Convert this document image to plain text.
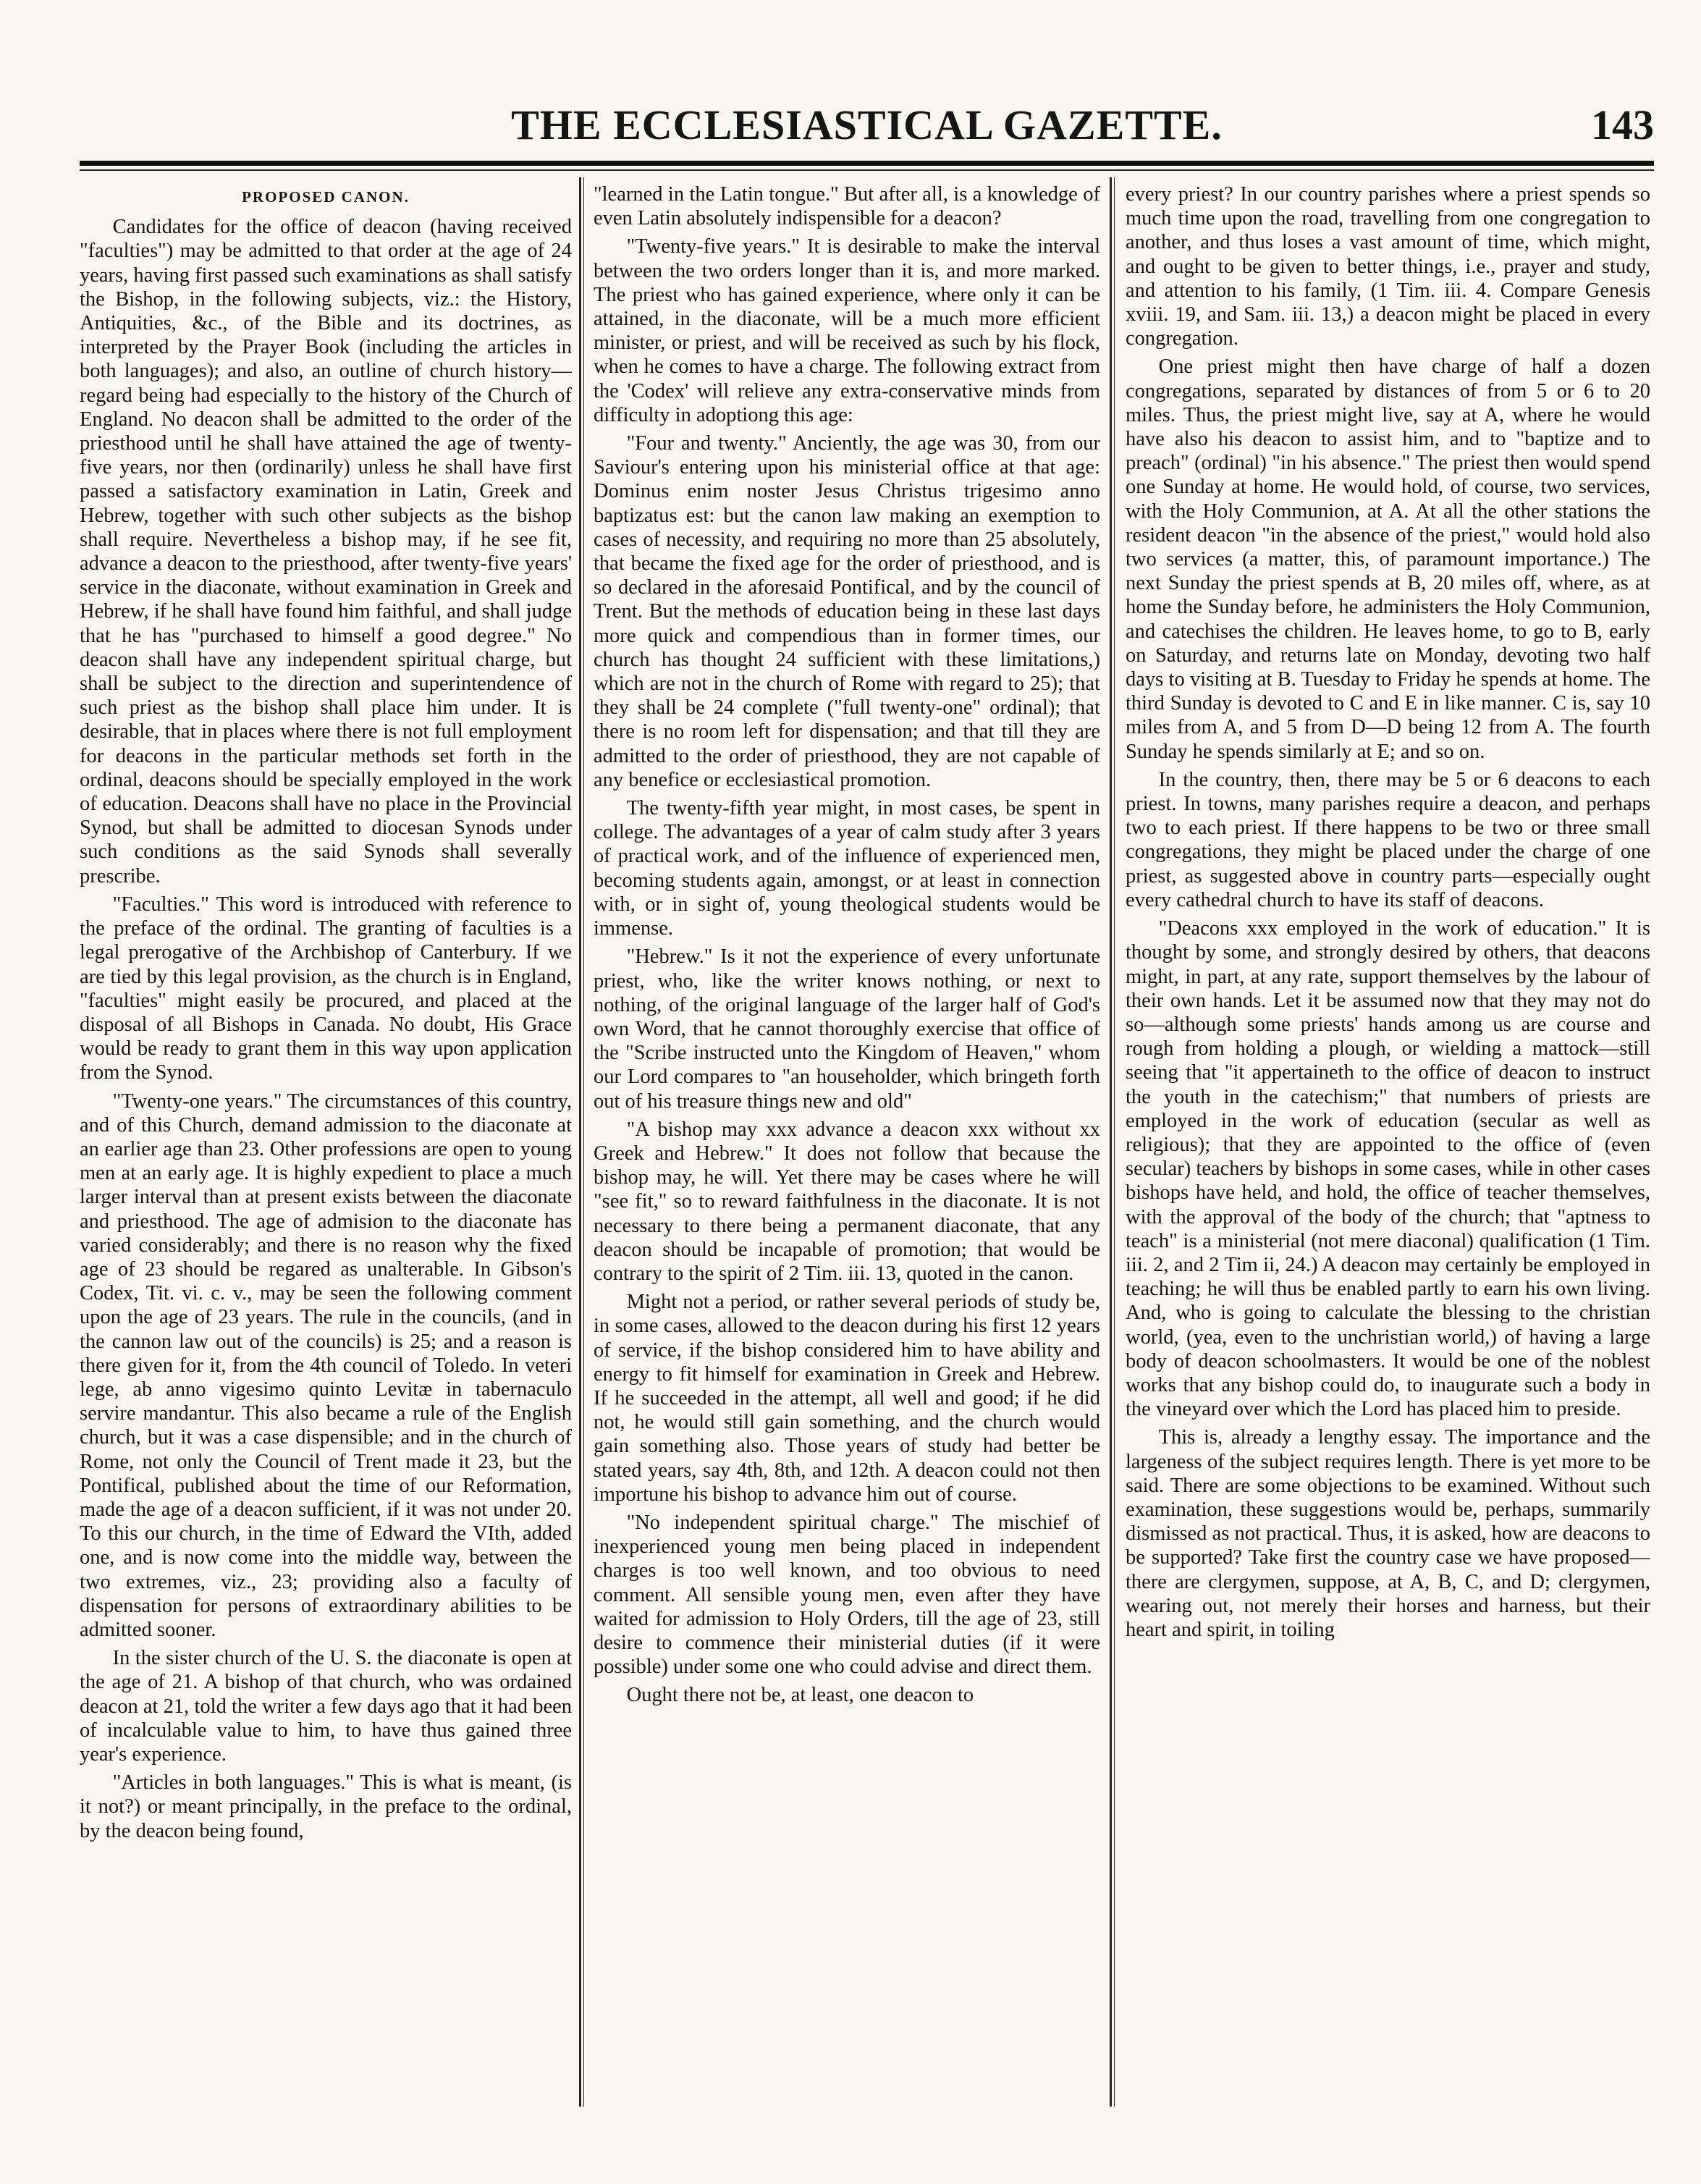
THE ECCLESIASTICAL GAZETTE.	143
PROPOSED CANON.

Candidates for the office of deacon (having received "faculties") may be admitted to that order at the age of 24 years, having first passed such examinations as shall satisfy the Bishop, in the following subjects, viz.: the History, Antiquities, &c., of the Bible and its doctrines, as interpreted by the Prayer Book (including the articles in both languages); and also, an outline of church history—regard being had especially to the history of the Church of England. No deacon shall be admitted to the order of the priesthood until he shall have attained the age of twenty-five years, nor then (ordinarily) unless he shall have first passed a satisfactory examination in Latin, Greek and Hebrew, together with such other subjects as the bishop shall require. Nevertheless a bishop may, if he see fit, advance a deacon to the priesthood, after twenty-five years' service in the diaconate, without examination in Greek and Hebrew, if he shall have found him faithful, and shall judge that he has "purchased to himself a good degree." No deacon shall have any independent spiritual charge, but shall be subject to the direction and superintendence of such priest as the bishop shall place him under. It is desirable, that in places where there is not full employment for deacons in the particular methods set forth in the ordinal, deacons should be specially employed in the work of education. Deacons shall have no place in the Provincial Synod, but shall be admitted to diocesan Synods under such conditions as the said Synods shall severally prescribe.

"Faculties." This word is introduced with reference to the preface of the ordinal. The granting of faculties is a legal prerogative of the Archbishop of Canterbury. If we are tied by this legal provision, as the church is in England, "faculties" might easily be procured, and placed at the disposal of all Bishops in Canada. No doubt, His Grace would be ready to grant them in this way upon application from the Synod.

"Twenty-one years." The circumstances of this country, and of this Church, demand admission to the diaconate at an earlier age than 23. Other professions are open to young men at an early age. It is highly expedient to place a much larger interval than at present exists between the diaconate and priesthood. The age of admision to the diaconate has varied considerably; and there is no reason why the fixed age of 23 should be regared as unalterable. In Gibson's Codex, Tit. vi. c. v., may be seen the following comment upon the age of 23 years. The rule in the councils, (and in the cannon law out of the councils) is 25; and a reason is there given for it, from the 4th council of Toledo. In veteri lege, ab anno vigesimo quinto Levitæ in tabernaculo servire mandantur. This also became a rule of the English church, but it was a case dispensible; and in the church of Rome, not only the Council of Trent made it 23, but the Pontifical, published about the time of our Reformation, made the age of a deacon sufficient, if it was not under 20. To this our church, in the time of Edward the VIth, added one, and is now come into the middle way, between the two extremes, viz., 23; providing also a faculty of dispensation for persons of extraordinary abilities to be admitted sooner.

In the sister church of the U. S. the diaconate is open at the age of 21. A bishop of that church, who was ordained deacon at 21, told the writer a few days ago that it had been of incalculable value to him, to have thus gained three year's experience.

"Articles in both languages." This is what is meant, (is it not?) or meant principally, in the preface to the ordinal, by the deacon being found,

"learned in the Latin tongue." But after all, is a knowledge of even Latin absolutely indispensible for a deacon?

"Twenty-five years." It is desirable to make the interval between the two orders longer than it is, and more marked. The priest who has gained experience, where only it can be attained, in the diaconate, will be a much more efficient minister, or priest, and will be received as such by his flock, when he comes to have a charge. The following extract from the 'Codex' will relieve any extra-conservative minds from difficulty in adoptiong this age:

"Four and twenty." Anciently, the age was 30, from our Saviour's entering upon his ministerial office at that age: Dominus enim noster Jesus Christus trigesimo anno baptizatus est: but the canon law making an exemption to cases of necessity, and requiring no more than 25 absolutely, that became the fixed age for the order of priesthood, and is so declared in the aforesaid Pontifical, and by the council of Trent. But the methods of education being in these last days more quick and compendious than in former times, our church has thought 24 sufficient with these limitations,) which are not in the church of Rome with regard to 25); that they shall be 24 complete ("full twenty-one" ordinal); that there is no room left for dispensation; and that till they are admitted to the order of priesthood, they are not capable of any benefice or ecclesiastical promotion.

The twenty-fifth year might, in most cases, be spent in college. The advantages of a year of calm study after 3 years of practical work, and of the influence of experienced men, becoming students again, amongst, or at least in connection with, or in sight of, young theological students would be immense.

"Hebrew." Is it not the experience of every unfortunate priest, who, like the writer knows nothing, or next to nothing, of the original language of the larger half of God's own Word, that he cannot thoroughly exercise that office of the "Scribe instructed unto the Kingdom of Heaven," whom our Lord compares to "an householder, which bringeth forth out of his treasure things new and old"

"A bishop may xxx advance a deacon xxx without xx Greek and Hebrew." It does not follow that because the bishop may, he will. Yet there may be cases where he will "see fit," so to reward faithfulness in the diaconate. It is not necessary to there being a permanent diaconate, that any deacon should be incapable of promotion; that would be contrary to the spirit of 2 Tim. iii. 13, quoted in the canon.

Might not a period, or rather several periods of study be, in some cases, allowed to the deacon during his first 12 years of service, if the bishop considered him to have ability and energy to fit himself for examination in Greek and Hebrew. If he succeeded in the attempt, all well and good; if he did not, he would still gain something, and the church would gain something also. Those years of study had better be stated years, say 4th, 8th, and 12th. A deacon could not then importune his bishop to advance him out of course.

"No independent spiritual charge." The mischief of inexperienced young men being placed in independent charges is too well known, and too obvious to need comment. All sensible young men, even after they have waited for admission to Holy Orders, till the age of 23, still desire to commence their ministerial duties (if it were possible) under some one who could advise and direct them.

Ought there not be, at least, one deacon to

every priest? In our country parishes where a priest spends so much time upon the road, travelling from one congregation to another, and thus loses a vast amount of time, which might, and ought to be given to better things, i.e., prayer and study, and attention to his family, (1 Tim. iii. 4. Compare Genesis xviii. 19, and Sam. iii. 13,) a deacon might be placed in every congregation.

One priest might then have charge of half a dozen congregations, separated by distances of from 5 or 6 to 20 miles. Thus, the priest might live, say at A, where he would have also his deacon to assist him, and to "baptize and to preach" (ordinal) "in his absence." The priest then would spend one Sunday at home. He would hold, of course, two services, with the Holy Communion, at A. At all the other stations the resident deacon "in the absence of the priest," would hold also two services (a matter, this, of paramount importance.) The next Sunday the priest spends at B, 20 miles off, where, as at home the Sunday before, he administers the Holy Communion, and catechises the children. He leaves home, to go to B, early on Saturday, and returns late on Monday, devoting two half days to visiting at B. Tuesday to Friday he spends at home. The third Sunday is devoted to C and E in like manner. C is, say 10 miles from A, and 5 from D—D being 12 from A. The fourth Sunday he spends similarly at E; and so on.

In the country, then, there may be 5 or 6 deacons to each priest. In towns, many parishes require a deacon, and perhaps two to each priest. If there happens to be two or three small congregations, they might be placed under the charge of one priest, as suggested above in country parts—especially ought every cathedral church to have its staff of deacons.

"Deacons xxx employed in the work of education." It is thought by some, and strongly desired by others, that deacons might, in part, at any rate, support themselves by the labour of their own hands. Let it be assumed now that they may not do so—although some priests' hands among us are course and rough from holding a plough, or wielding a mattock—still seeing that "it appertaineth to the office of deacon to instruct the youth in the catechism;" that numbers of priests are employed in the work of education (secular as well as religious); that they are appointed to the office of (even secular) teachers by bishops in some cases, while in other cases bishops have held, and hold, the office of teacher themselves, with the approval of the body of the church; that "aptness to teach" is a ministerial (not mere diaconal) qualification (1 Tim. iii. 2, and 2 Tim ii, 24.) A deacon may certainly be employed in teaching; he will thus be enabled partly to earn his own living. And, who is going to calculate the blessing to the christian world, (yea, even to the unchristian world,) of having a large body of deacon schoolmasters. It would be one of the noblest works that any bishop could do, to inaugurate such a body in the vineyard over which the Lord has placed him to preside.

This is, already a lengthy essay. The importance and the largeness of the subject requires length. There is yet more to be said. There are some objections to be examined. Without such examination, these suggestions would be, perhaps, summarily dismissed as not practical. Thus, it is asked, how are deacons to be supported? Take first the country case we have proposed—there are clergymen, suppose, at A, B, C, and D; clergymen, wearing out, not merely their horses and harness, but their heart and spirit, in toiling
